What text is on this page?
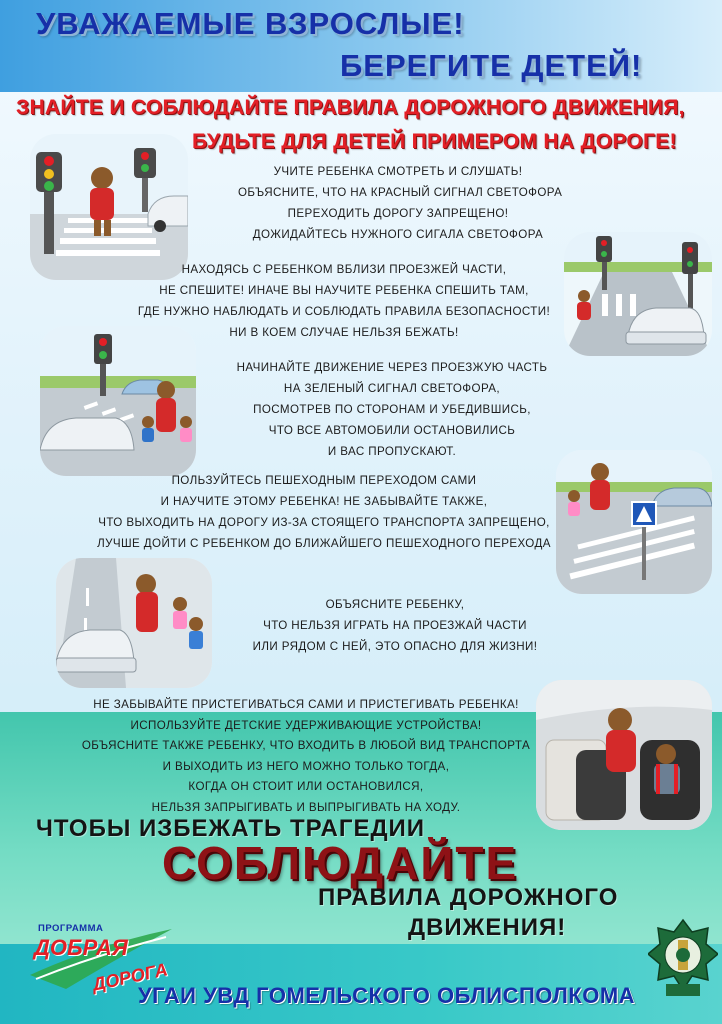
УВАЖАЕМЫЕ ВЗРОСЛЫЕ!
БЕРЕГИТЕ ДЕТЕЙ!
ЗНАЙТЕ И СОБЛЮДАЙТЕ ПРАВИЛА ДОРОЖНОГО ДВИЖЕНИЯ,
БУДЬТЕ ДЛЯ ДЕТЕЙ ПРИМЕРОМ НА ДОРОГЕ!
УЧИТЕ РЕБЕНКА СМОТРЕТЬ И СЛУШАТЬ!
ОБЪЯСНИТЕ, ЧТО НА КРАСНЫЙ СИГНАЛ СВЕТОФОРА
ПЕРЕХОДИТЬ ДОРОГУ ЗАПРЕЩЕНО!
ДОЖИДАЙТЕСЬ НУЖНОГО СИГАЛА СВЕТОФОРА
НАХОДЯСЬ С РЕБЕНКОМ ВБЛИЗИ ПРОЕЗЖЕЙ ЧАСТИ,
НЕ СПЕШИТЕ! ИНАЧЕ ВЫ НАУЧИТЕ РЕБЕНКА СПЕШИТЬ ТАМ,
ГДЕ НУЖНО НАБЛЮДАТЬ И СОБЛЮДАТЬ ПРАВИЛА БЕЗОПАСНОСТИ!
НИ В КОЕМ СЛУЧАЕ НЕЛЬЗЯ БЕЖАТЬ!
НАЧИНАЙТЕ ДВИЖЕНИЕ ЧЕРЕЗ ПРОЕЗЖУЮ ЧАСТЬ
НА ЗЕЛЕНЫЙ СИГНАЛ СВЕТОФОРА,
ПОСМОТРЕВ ПО СТОРОНАМ И УБЕДИВШИСЬ,
ЧТО ВСЕ АВТОМОБИЛИ ОСТАНОВИЛИСЬ
И ВАС ПРОПУСКАЮТ.
ПОЛЬЗУЙТЕСЬ ПЕШЕХОДНЫМ ПЕРЕХОДОМ САМИ
И НАУЧИТЕ ЭТОМУ РЕБЕНКА! НЕ ЗАБЫВАЙТЕ ТАКЖЕ,
ЧТО ВЫХОДИТЬ НА ДОРОГУ ИЗ-ЗА СТОЯЩЕГО ТРАНСПОРТА ЗАПРЕЩЕНО,
ЛУЧШЕ ДОЙТИ С РЕБЕНКОМ ДО БЛИЖАЙШЕГО ПЕШЕХОДНОГО ПЕРЕХОДА
ОБЪЯСНИТЕ РЕБЕНКУ,
ЧТО НЕЛЬЗЯ ИГРАТЬ НА ПРОЕЗЖАЙ ЧАСТИ
ИЛИ РЯДОМ С НЕЙ, ЭТО ОПАСНО ДЛЯ ЖИЗНИ!
НЕ ЗАБЫВАЙТЕ ПРИСТЕГИВАТЬСЯ САМИ И ПРИСТЕГИВАТЬ РЕБЕНКА!
ИСПОЛЬЗУЙТЕ ДЕТСКИЕ УДЕРЖИВАЮЩИЕ УСТРОЙСТВА!
ОБЪЯСНИТЕ ТАКЖЕ РЕБЕНКУ, ЧТО ВХОДИТЬ В ЛЮБОЙ ВИД ТРАНСПОРТА
И ВЫХОДИТЬ ИЗ НЕГО МОЖНО ТОЛЬКО ТОГДА,
КОГДА ОН СТОИТ ИЛИ ОСТАНОВИЛСЯ,
НЕЛЬЗЯ ЗАПРЫГИВАТЬ И ВЫПРЫГИВАТЬ НА ХОДУ.
ЧТОБЫ ИЗБЕЖАТЬ ТРАГЕДИИ
СОБЛЮДАЙТЕ
ПРАВИЛА ДОРОЖНОГО
ДВИЖЕНИЯ!
ПРОГРАММА
ДОБРАЯ
ДОРОГА
УГАИ УВД ГОМЕЛЬСКОГО ОБЛИСПОЛКОМА
